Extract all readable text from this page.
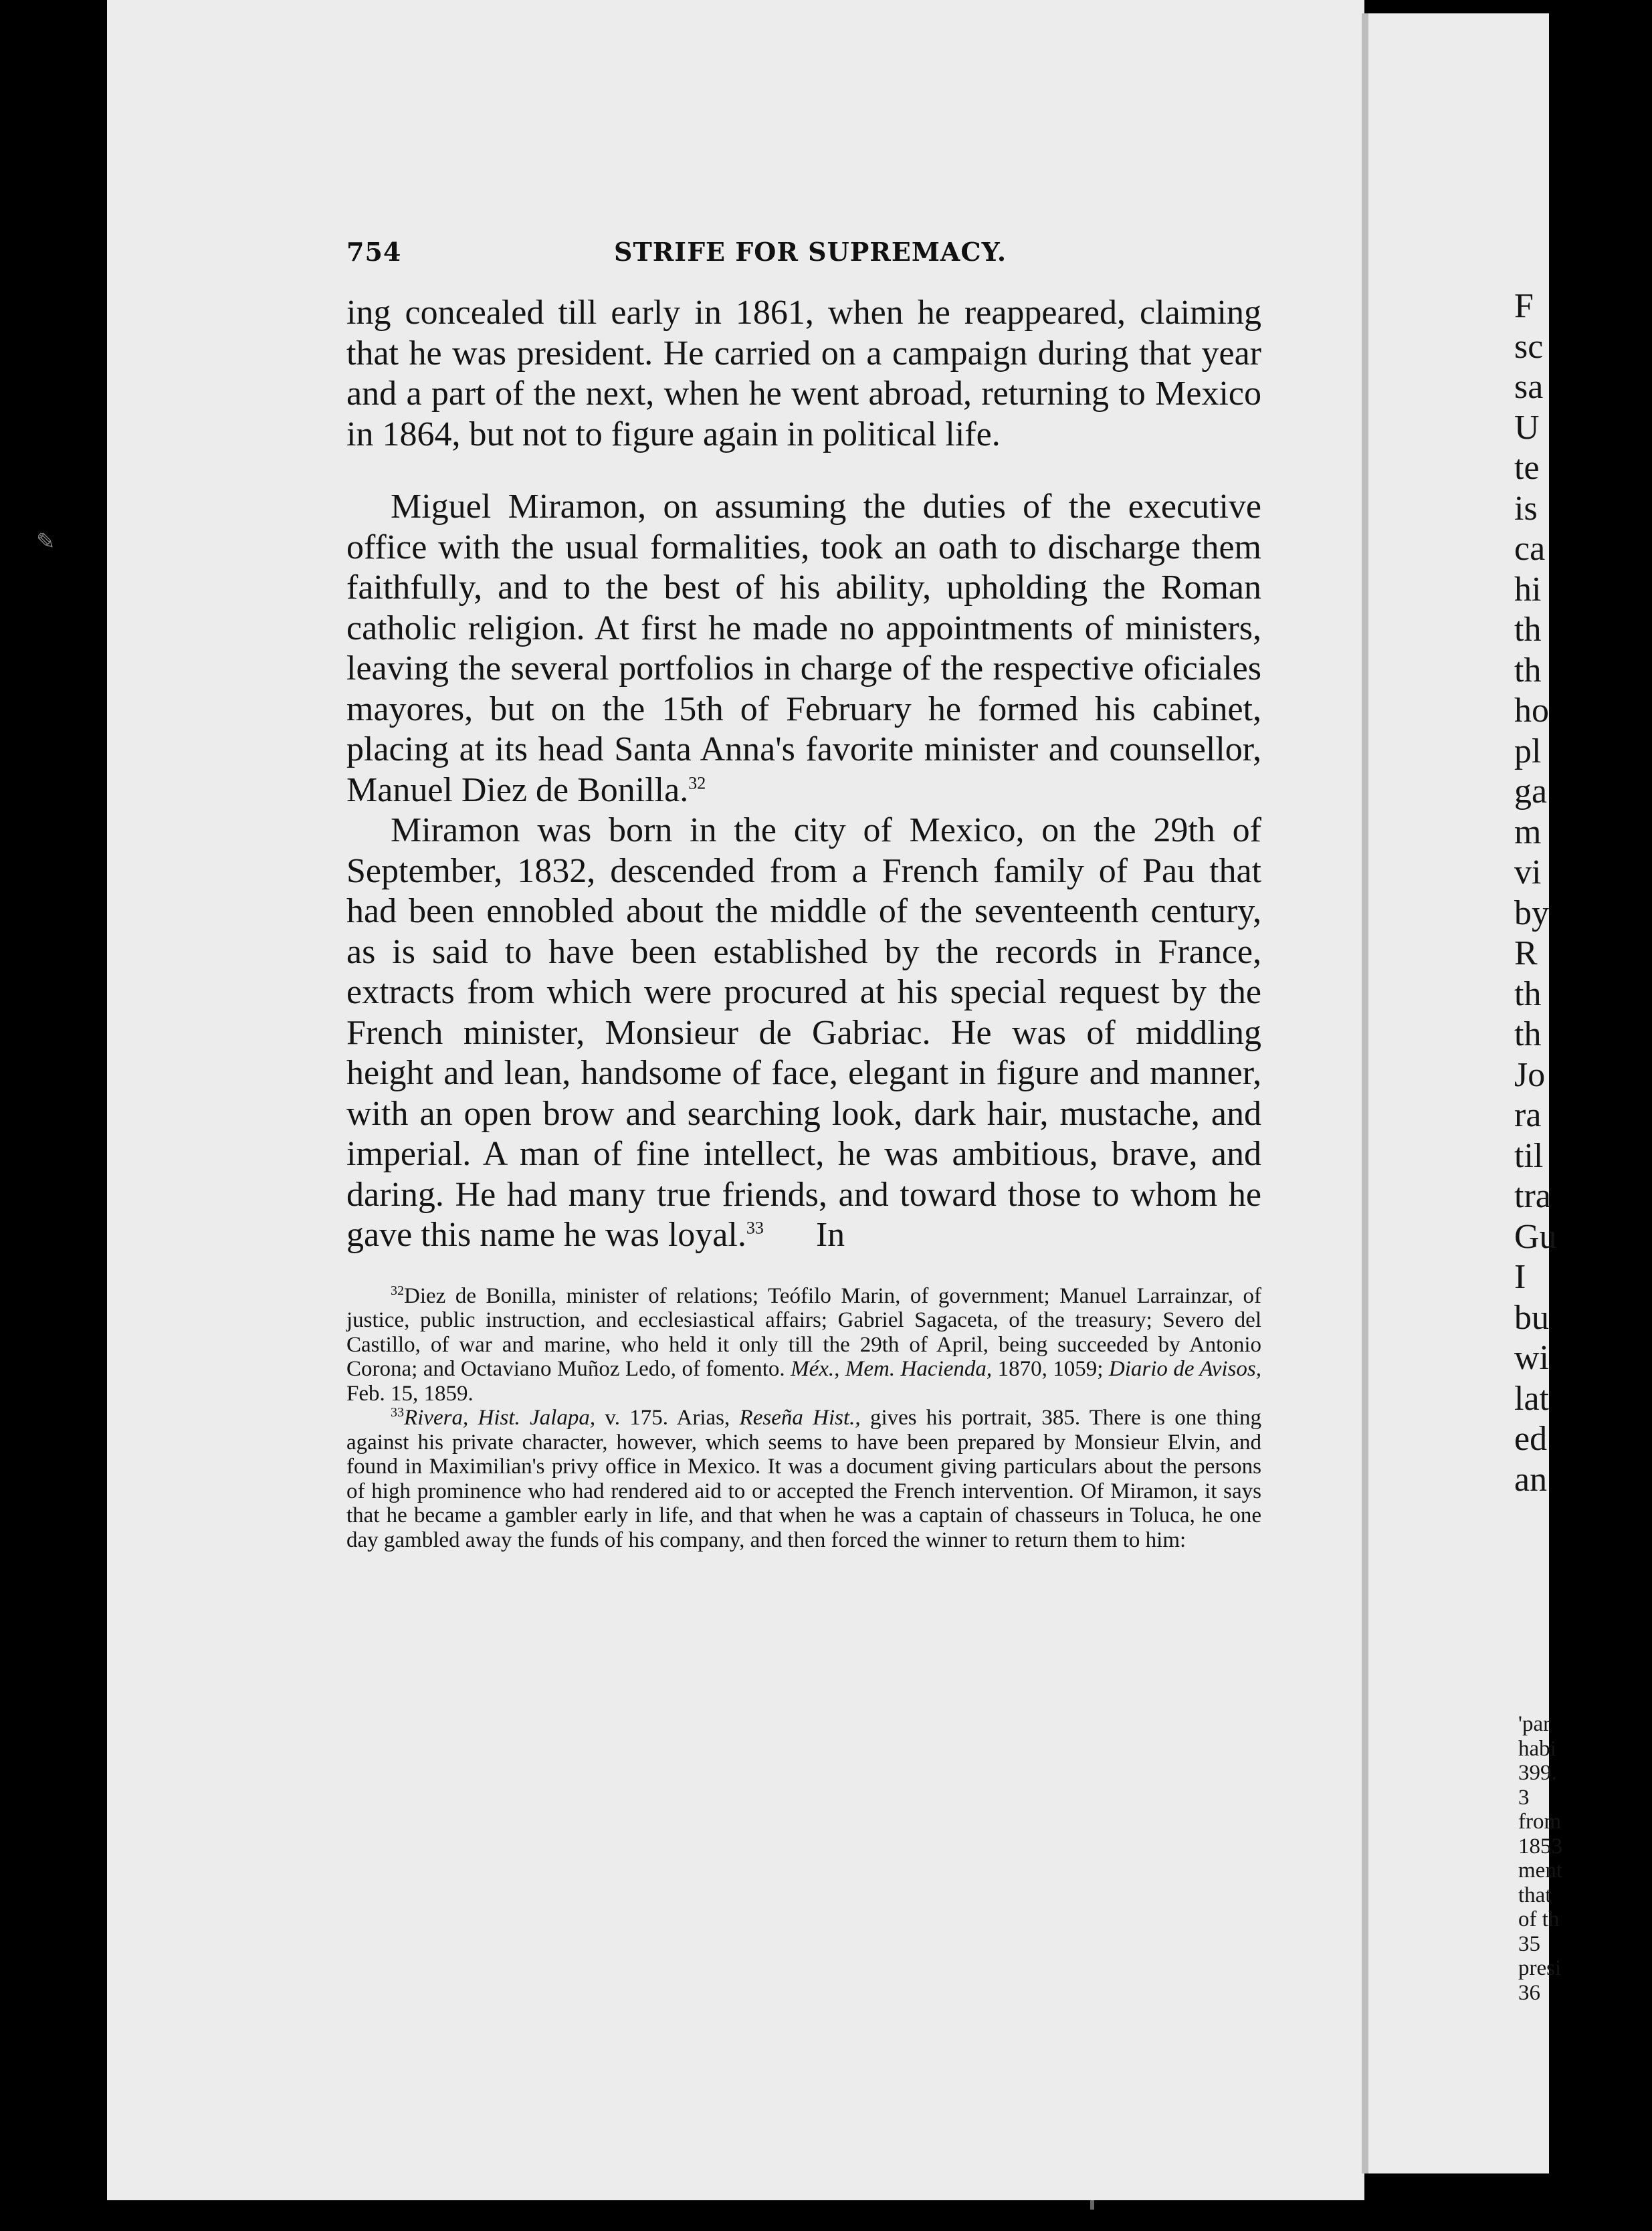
✎
754	STRIFE FOR SUPREMACY.

ing concealed till early in 1861, when he reappeared, claiming that he was president. He carried on a campaign during that year and a part of the next, when he went abroad, returning to Mexico in 1864, but not to figure again in political life.

Miguel Miramon, on assuming the duties of the executive office with the usual formalities, took an oath to discharge them faithfully, and to the best of his ability, upholding the Roman catholic religion. At first he made no appointments of ministers, leaving the several portfolios in charge of the respective oficiales mayores, but on the 15th of February he formed his cabinet, placing at its head Santa Anna's favorite minister and counsellor, Manuel Diez de Bonilla.$^{32}$

Miramon was born in the city of Mexico, on the 29th of September, 1832, descended from a French family of Pau that had been ennobled about the middle of the seventeenth century, as is said to have been established by the records in France, extracts from which were procured at his special request by the French minister, Monsieur de Gabriac. He was of middling height and lean, handsome of face, elegant in figure and manner, with an open brow and searching look, dark hair, mustache, and imperial. A man of fine intellect, he was ambitious, brave, and daring. He had many true friends, and toward those to whom he gave this name he was loyal.$^{33}$ In

$^{32}$Diez de Bonilla, minister of relations; Teófilo Marin, of government; Manuel Larrainzar, of justice, public instruction, and ecclesiastical affairs; Gabriel Sagaceta, of the treasury; Severo del Castillo, of war and marine, who held it only till the 29th of April, being succeeded by Antonio Corona; and Octaviano Muñoz Ledo, of fomento. Méx., Mem. Hacienda, 1870, 1059; Diario de Avisos, Feb. 15, 1859.

$^{33}$Rivera, Hist. Jalapa, v. 175. Arias, Reseña Hist., gives his portrait, 385. There is one thing against his private character, however, which seems to have been prepared by Monsieur Elvin, and found in Maximilian's privy office in Mexico. It was a document giving particulars about the persons of high prominence who had rendered aid to or accepted the French intervention. Of Miramon, it says that he became a gambler early in life, and that when he was a captain of chasseurs in Toluca, he one day gambled away the funds of his company, and then forced the winner to return them to him:

F
sc
sa
U
te
is
ca
hi
th
th
ho
pl
ga
m
vi
by
R
th
th
Jo
ra
til
tra
Gu
I
bu
wi
lat
ed
an
'par
habi
399.
3
from
1853
ment
that
of th
35
presi
36
